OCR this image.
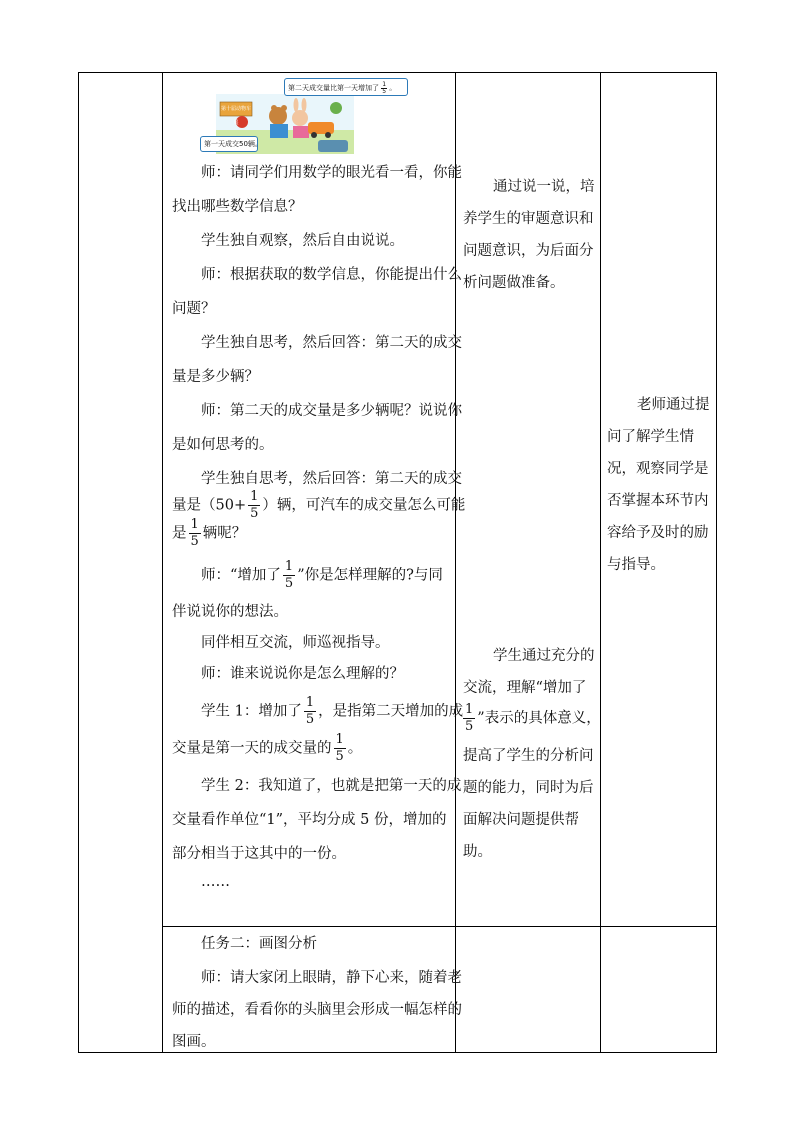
第十届动物车展
第二天成交量比第一天增加了 $\frac{1}{5}$ 。
第一天成交50辆。
师：请同学们用数学的眼光看一看，你能
找出哪些数学信息？
学生独自观察，然后自由说说。
师：根据获取的数学信息，你能提出什么
问题？
学生独自思考，然后回答：第二天的成交
量是多少辆？
师：第二天的成交量是多少辆呢？说说你
是如何思考的。
学生独自思考，然后回答：第二天的成交
量是（$50+ \frac{1}{5}$ ）辆，可汽车的成交量怎么可能
是 $\frac{1}{5}$ 辆呢？
师：“增加了 $\frac{1}{5}$ ”你是怎样理解的?与同
伴说说你的想法。
同伴相互交流，师巡视指导。
师：谁来说说你是怎么理解的？
学生 1：增加了 $\frac{1}{5}$ ，是指第二天增加的成
交量是第一天的成交量的 $\frac{1}{5}$ 。
学生 2：我知道了，也就是把第一天的成
交量看作单位“1”，平均分成 5 份，增加的
部分相当于这其中的一份。
……
任务二：画图分析
师：请大家闭上眼睛，静下心来，随着老
师的描述，看看你的头脑里会形成一幅怎样的
图画。
通过说一说，培
养学生的审题意识和
问题意识，为后面分
析问题做准备。
学生通过充分的
交流，理解“增加了
$\frac{1}{5}$ ”表示的具体意义，
提高了学生的分析问
题的能力，同时为后
面解决问题提供帮
助。
老师通过提
问了解学生情
况，观察同学是
否掌握本环节内
容给予及时的励
与指导。
